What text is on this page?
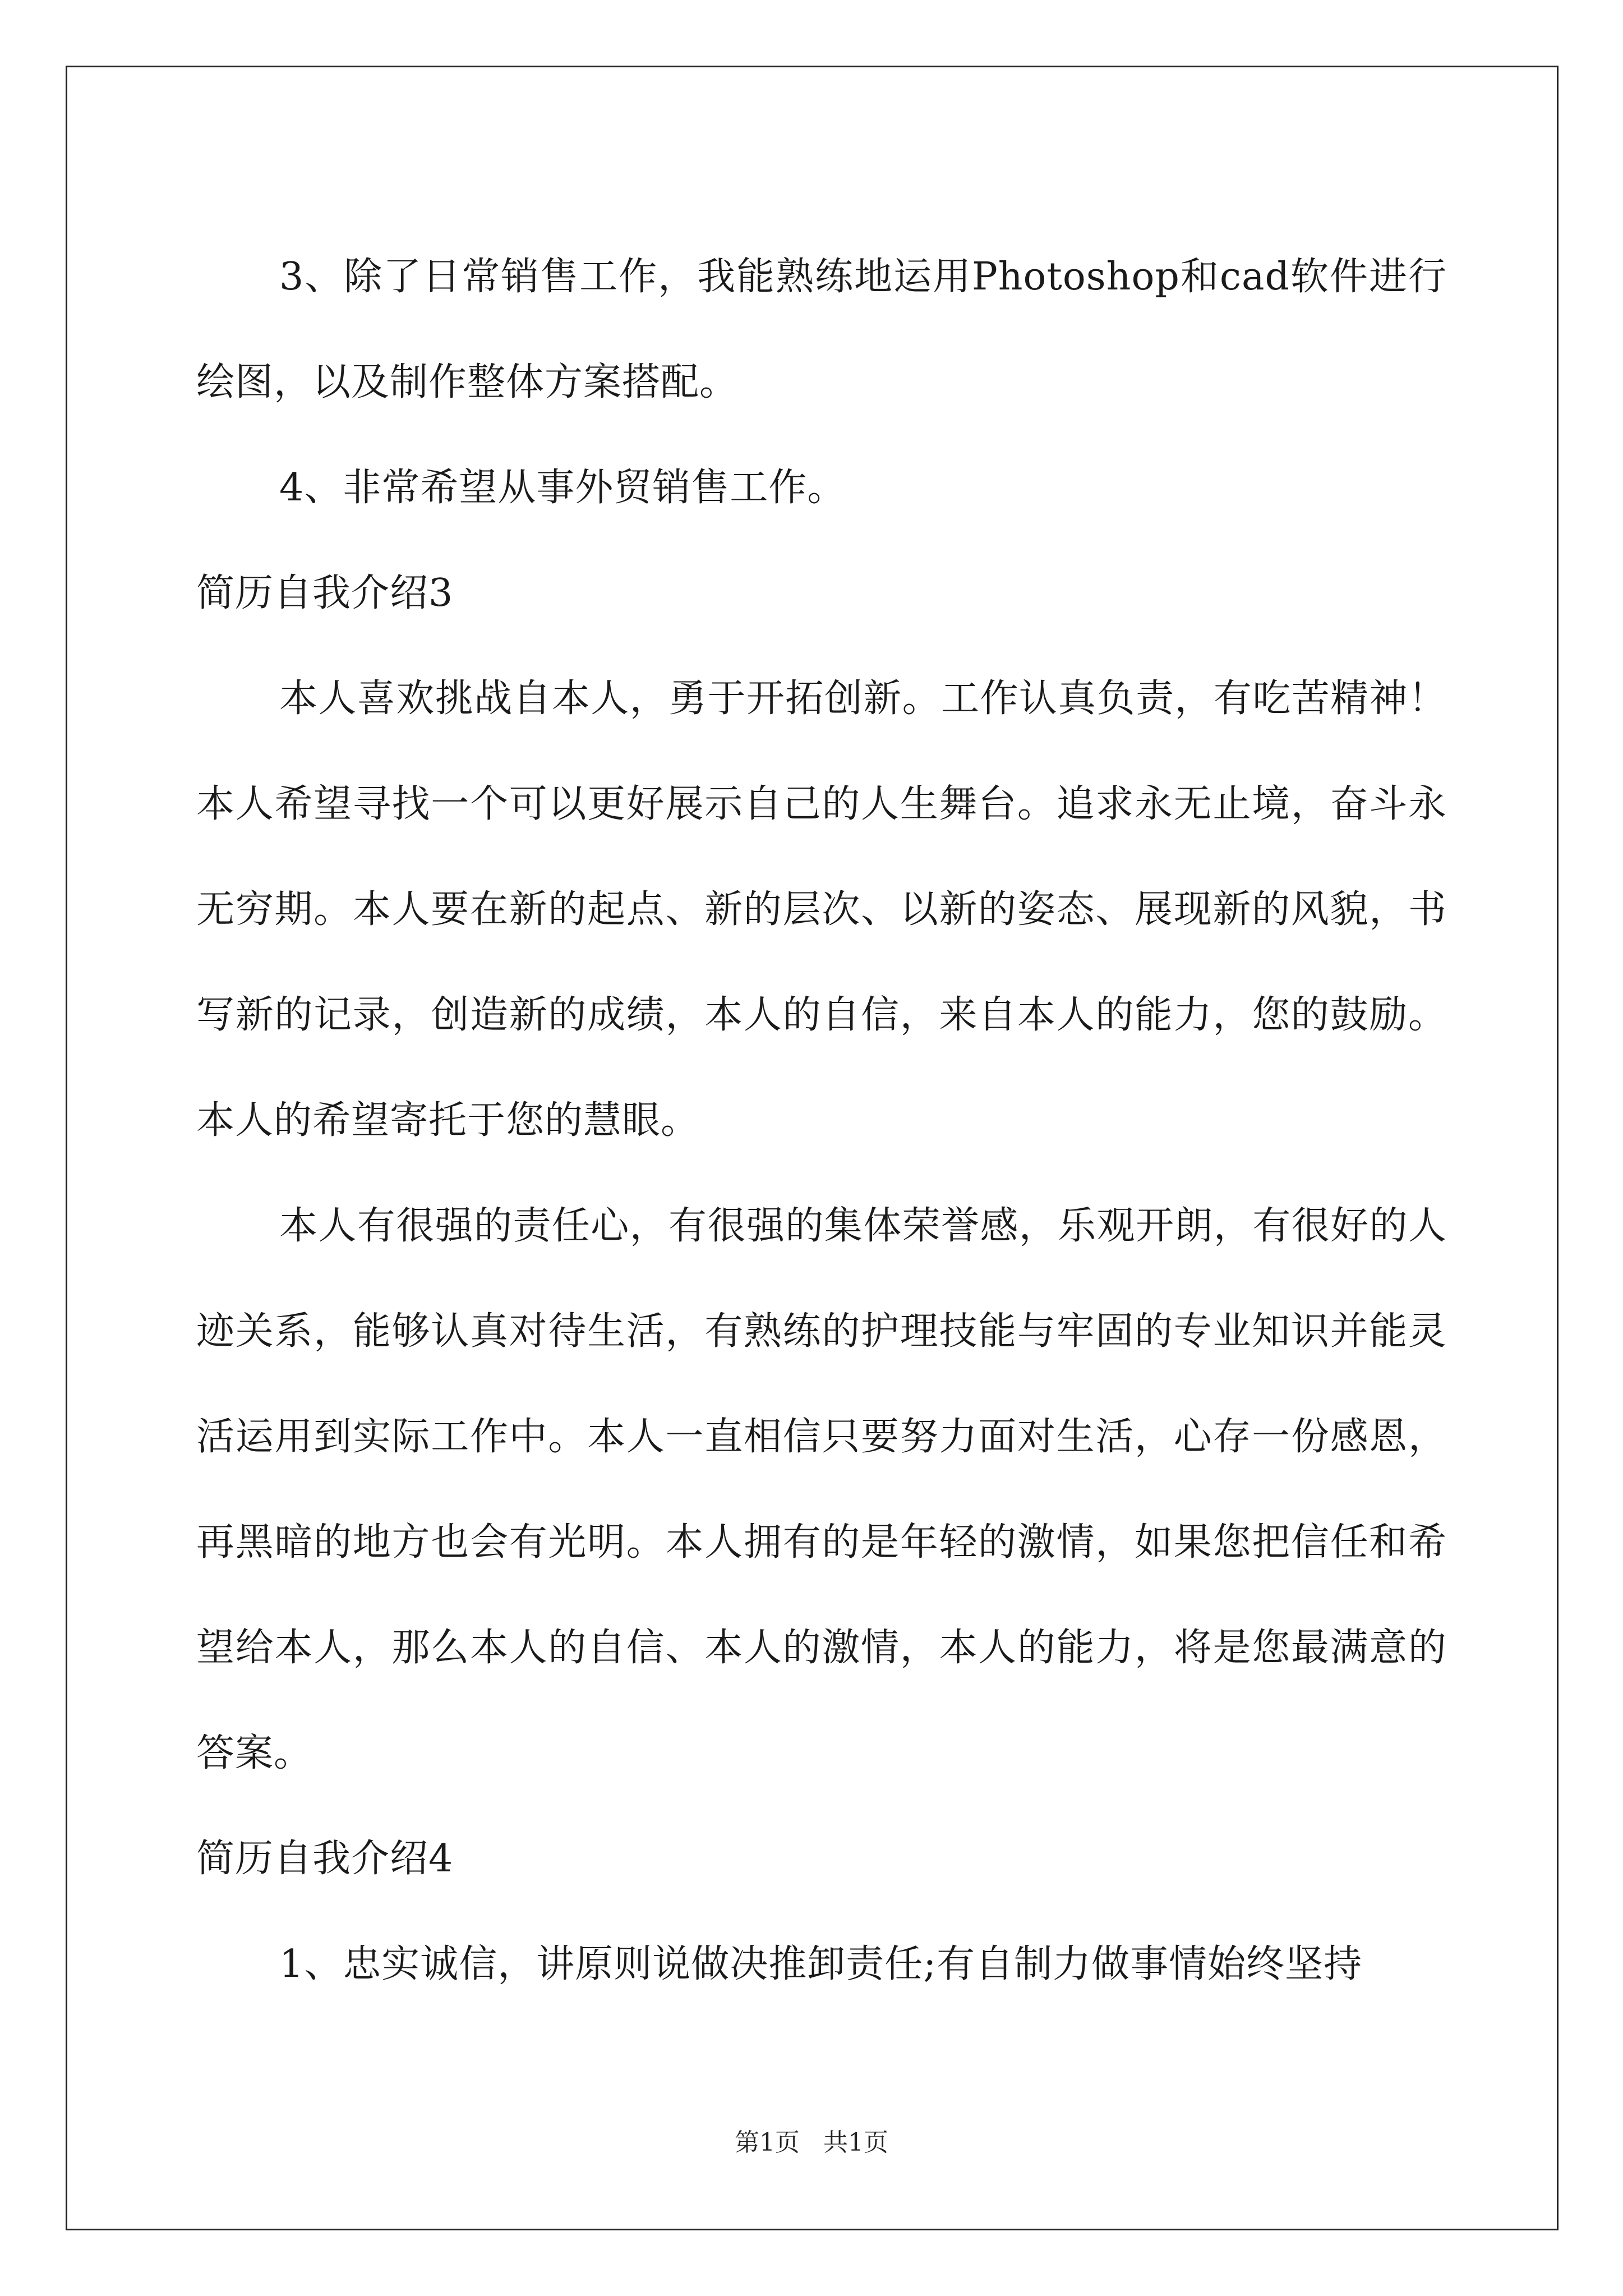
3、除了日常销售工作，我能熟练地运用Photoshop和cad软件进行绘图，以及制作整体方案搭配。

4、非常希望从事外贸销售工作。

简历自我介绍3

本人喜欢挑战自本人，勇于开拓创新。工作认真负责，有吃苦精神！本人希望寻找一个可以更好展示自己的人生舞台。追求永无止境，奋斗永无穷期。本人要在新的起点、新的层次、以新的姿态、展现新的风貌，书写新的记录，创造新的成绩，本人的自信，来自本人的能力，您的鼓励。本人的希望寄托于您的慧眼。

本人有很强的责任心，有很强的集体荣誉感，乐观开朗，有很好的人迹关系，能够认真对待生活，有熟练的护理技能与牢固的专业知识并能灵活运用到实际工作中。本人一直相信只要努力面对生活，心存一份感恩，再黑暗的地方也会有光明。本人拥有的是年轻的激情，如果您把信任和希望给本人，那么本人的自信、本人的激情，本人的能力，将是您最满意的答案。

简历自我介绍4

1、忠实诚信，讲原则说做决推卸责任;有自制力做事情始终坚持

第1页 共1页
